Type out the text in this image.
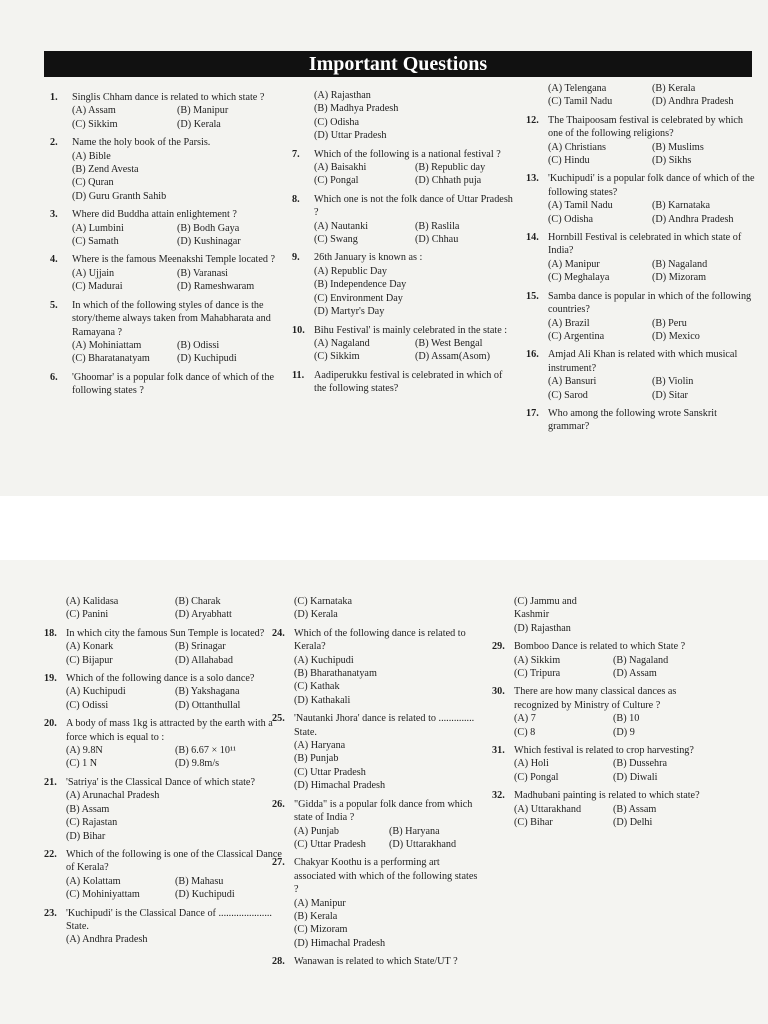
Important Questions
1.	Singlis Chham dance is related to which state ?
(A) Assam	(B) Manipur
(C) Sikkim	(D) Kerala
2.	Name the holy book of the Parsis.
(A) Bible
(B) Zend Avesta
(C) Quran
(D) Guru Granth Sahib
3.	Where did Buddha attain enlightement ?
(A) Lumbini	(B) Bodh Gaya
(C) Samath	(D) Kushinagar
4.	Where is the famous Meenakshi Temple located ?
(A) Ujjain	(B) Varanasi
(C) Madurai	(D) Rameshwaram
5.	In which of the following styles of dance is the story/theme always taken from Mahabharata and Ramayana ?
(A) Mohiniattam	(B) Odissi
(C) Bharatanatyam	(D) Kuchipudi
6.	'Ghoomar' is a popular folk dance of which of the following states ?
(A) Rajasthan
(B) Madhya Pradesh
(C) Odisha
(D) Uttar Pradesh
7.	Which of the following is a national festival ?
(A) Baisakhi	(B) Republic day
(C) Pongal	(D) Chhath puja
8.	Which one is not the folk dance of Uttar Pradesh ?
(A) Nautanki	(B) Raslila
(C) Swang	(D) Chhau
9.	26th January is known as :
(A) Republic Day
(B) Independence Day
(C) Environment Day
(D) Martyr's Day
10. Bihu Festival' is mainly celebrated in the state :
(A) Nagaland	(B) West Bengal
(C) Sikkim	(D) Assam(Asom)
11. Aadiperukku festival is celebrated in which of the following states?
(A) Telengana	(B) Kerala
(C) Tamil Nadu	(D) Andhra Pradesh
12. The Thaipoosam festival is celebrated by which one of the following religions?
(A) Christians	(B) Muslims
(C) Hindu	(D) Sikhs
13. 'Kuchipudi' is a popular folk dance of which of the following states?
(A) Tamil Nadu	(B) Karnataka
(C) Odisha	(D) Andhra Pradesh
14. Hornbill Festival is celebrated in which state of India?
(A) Manipur	(B) Nagaland
(C) Meghalaya	(D) Mizoram
15. Samba dance is popular in which of the following countries?
(A) Brazil	(B) Peru
(C) Argentina	(D) Mexico
16. Amjad Ali Khan is related with which musical instrument?
(A) Bansuri	(B) Violin
(C) Sarod	(D) Sitar
17. Who among the following wrote Sanskrit grammar?
(A) Kalidasa	(B) Charak
(C) Panini	(D) Aryabhatt
18. In which city the famous Sun Temple is located?
(A) Konark	(B) Srinagar
(C) Bijapur	(D) Allahabad
19. Which of the following dance is a solo dance?
(A) Kuchipudi	(B) Yakshagana
(C) Odissi	(D) Ottanthullal
20. A body of mass 1kg is attracted by the earth with a force which is equal to :
(A) 9.8N	(B) 6.67 × 10¹¹
(C) 1 N	(D) 9.8m/s
21. 'Satriya' is the Classical Dance of which state?
(A) Arunachal Pradesh
(B) Assam
(C) Rajastan
(D) Bihar
22. Which of the following is one of the Classical Dance of Kerala?
(A) Kolattam	(B) Mahasu
(C) Mohiniyattam	(D) Kuchipudi
23. 'Kuchipudi' is the Classical Dance of ..................... State.
(A) Andhra Pradesh
(C) Karnataka
(D) Kerala
24. Which of the following dance is related to Kerala?
(A) Kuchipudi
(B) Bharathanatyam
(C) Kathak
(D) Kathakali
25. 'Nautanki Jhora' dance is related to .............. State.
(A) Haryana
(B) Punjab
(C) Uttar Pradesh
(D) Himachal Pradesh
26. "Gidda" is a popular folk dance from which state of India ?
(A) Punjab	(B) Haryana
(C) Uttar Pradesh	(D) Uttarakhand
27. Chakyar Koothu is a performing art associated with which of the following states ?
(A) Manipur
(B) Kerala
(C) Mizoram
(D) Himachal Pradesh
28. Wanawan is related to which State/UT ?
(C) Jammu and Kashmir
(D) Rajasthan
29. Bomboo Dance is related to which State ?
(A) Sikkim	(B) Nagaland
(C) Tripura	(D) Assam
30. There are how many classical dances as recognized by Ministry of Culture ?
(A) 7	(B) 10
(C) 8	(D) 9
31. Which festival is related to crop harvesting?
(A) Holi	(B) Dussehra
(C) Pongal	(D) Diwali
32. Madhubani painting is related to which state?
(A) Uttarakhand	(B) Assam
(C) Bihar	(D) Delhi
